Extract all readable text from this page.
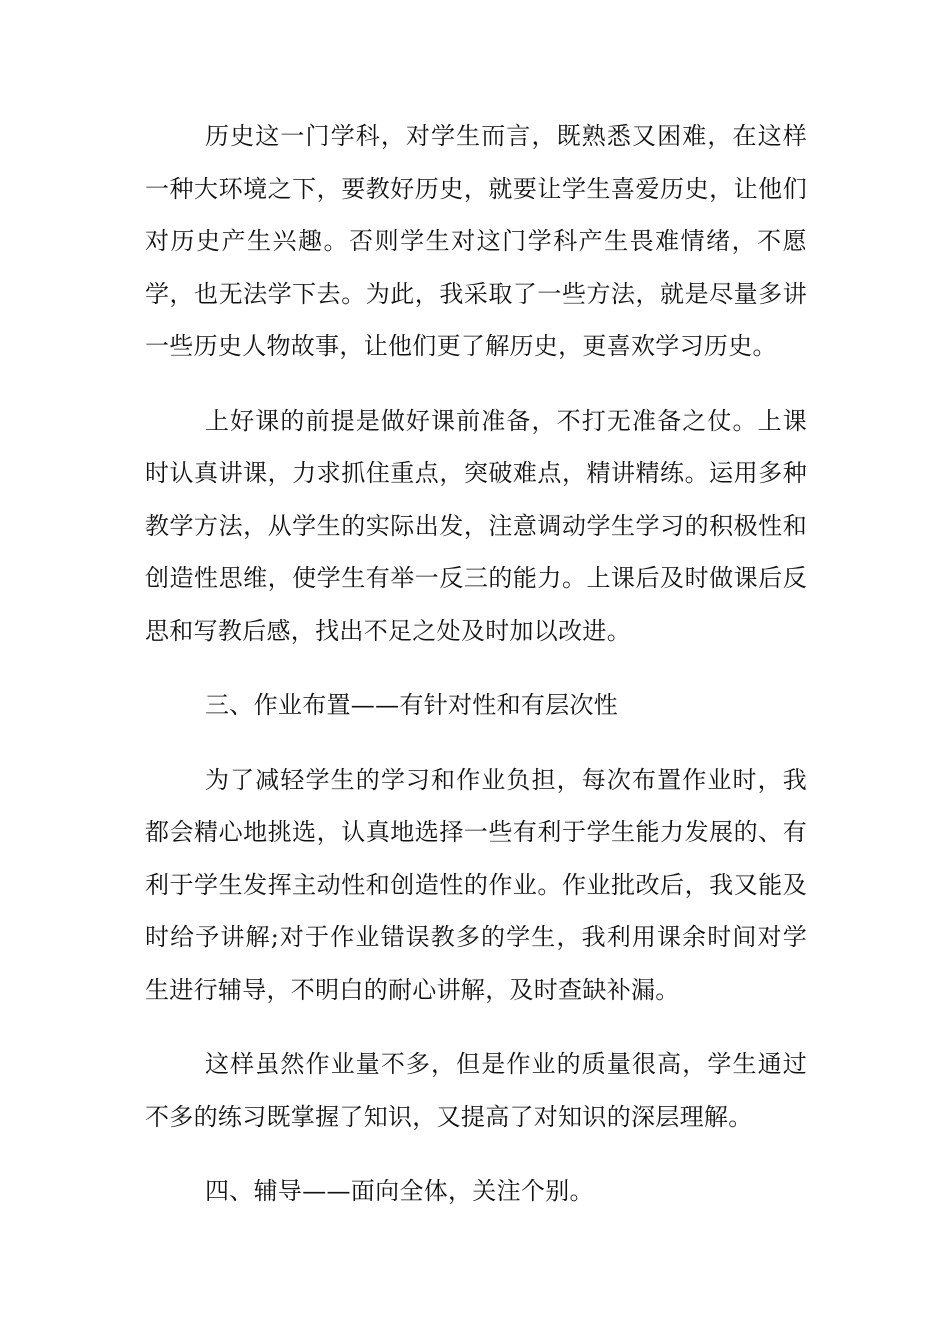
历史这一门学科，对学生而言，既熟悉又困难，在这样一种大环境之下，要教好历史，就要让学生喜爱历史，让他们对历史产生兴趣。否则学生对这门学科产生畏难情绪，不愿学，也无法学下去。为此，我采取了一些方法，就是尽量多讲一些历史人物故事，让他们更了解历史，更喜欢学习历史。

上好课的前提是做好课前准备，不打无准备之仗。上课时认真讲课，力求抓住重点，突破难点，精讲精练。运用多种教学方法，从学生的实际出发，注意调动学生学习的积极性和创造性思维，使学生有举一反三的能力。上课后及时做课后反思和写教后感，找出不足之处及时加以改进。

三、作业布置——有针对性和有层次性

为了减轻学生的学习和作业负担，每次布置作业时，我都会精心地挑选，认真地选择一些有利于学生能力发展的、有利于学生发挥主动性和创造性的作业。作业批改后，我又能及时给予讲解;对于作业错误教多的学生，我利用课余时间对学生进行辅导，不明白的耐心讲解，及时查缺补漏。

这样虽然作业量不多，但是作业的质量很高，学生通过不多的练习既掌握了知识，又提高了对知识的深层理解。

四、辅导——面向全体，关注个别。
